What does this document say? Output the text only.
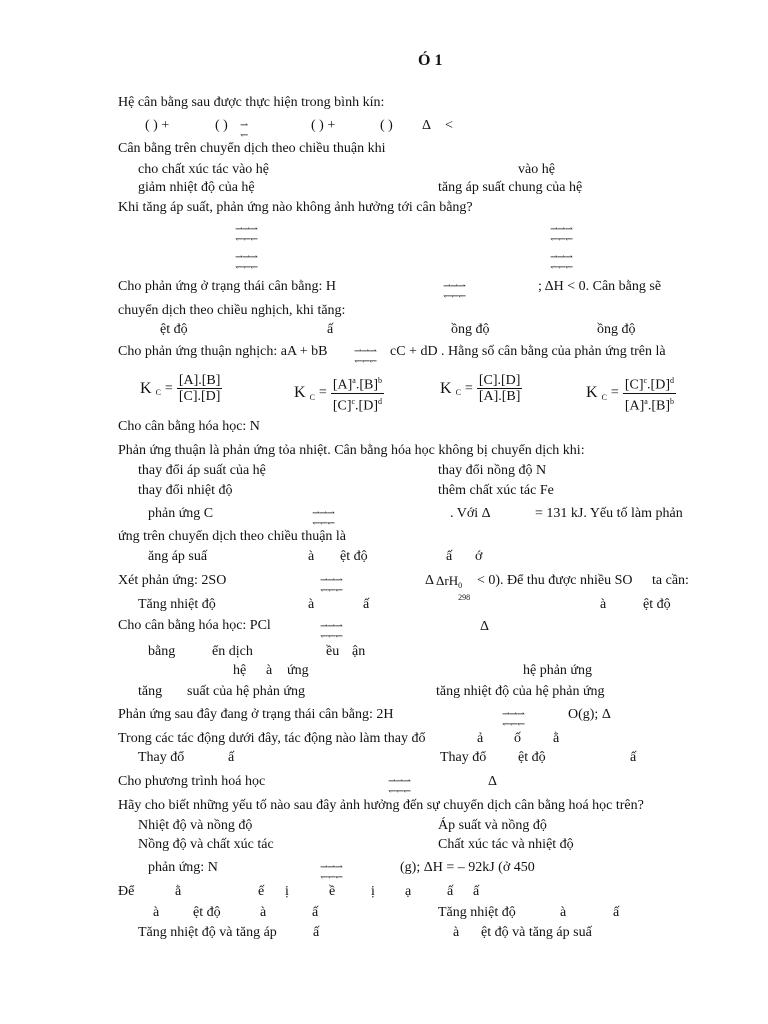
Ó 1
Hệ cân bằng sau được thực hiện trong bình kín:
( ) +	( ) ⇀
↽
( ) +	( ) Δ <
Cân bằng trên chuyển dịch theo chiều thuận khi
cho chất xúc tác vào hệ	vào hệ
giảm nhiệt độ của hệ	tăng áp suất chung của hệ
Khi tăng áp suất, phản ứng nào không ảnh hưởng tới cân bằng?
⇀⇀⇀
↽↽↽
⇀⇀⇀
↽↽↽
⇀⇀⇀
↽↽↽
⇀⇀⇀
↽↽↽
Cho phản ứng ở trạng thái cân bằng: H	⇀⇀⇀
↽↽↽
; ΔH < 0. Cân bằng sẽ
chuyển dịch theo chiều nghịch, khi tăng:
ệt độ	ấ	ồng độ	ồng độ
Cho phản ứng thuận nghịch: aA + bB	⇀⇀⇀
↽↽↽
cC + dD . Hằng số cân bằng của phản ứng trên là
K $C = \frac{[A].[B]}{[C].[D]}$	K $C = \frac{[A]^a.[B]^b}{[C]^c.[D]^d}$	K $C = \frac{[C].[D]}{[A].[B]}$	K $C = \frac{[C]^c.[D]^d}{[A]^a.[B]^b}$
Cho cân bằng hóa học: N
Phản ứng thuận là phản ứng tỏa nhiệt. Cân bằng hóa học không bị chuyển dịch khi:
thay đổi áp suất của hệ	thay đổi nồng độ N
thay đổi nhiệt độ	thêm chất xúc tác Fe
phản ứng C	⇀⇀⇀
↽↽↽
. Với Δ	= 131 kJ. Yếu tố làm phản
ứng trên chuyển dịch theo chiều thuận là
ăng áp suấ	à ệt độ	ấ ớ
Xét phản ứng: 2SO	⇀⇀⇀
↽↽↽
Δ ΔrH 0
298
< 0). Để thu được nhiều SO ta cần:
Tăng nhiệt độ	à	ấ	à	ệt độ
Cho cân bằng hóa học: PCl	⇀⇀⇀
↽↽↽
Δ
bằng	ển dịch	ều ận
hệ à ứng	hệ phản ứng
tăng suất của hệ phản ứng	tăng nhiệt độ của hệ phản ứng
Phản ứng sau đây đang ở trạng thái cân bằng: 2H	⇀⇀⇀
↽↽↽
O(g); Δ
Trong các tác động dưới đây, tác động nào làm thay đổ	ả ố ằ
Thay đổ	ấ	Thay đổ ệt độ	ấ
Cho phương trình hoá học	⇀⇀⇀
↽↽↽
Δ
Hãy cho biết những yếu tố nào sau đây ảnh hưởng đến sự chuyển dịch cân bằng hoá học trên?
Nhiệt độ và nồng độ	Áp suất và nồng độ
Nồng độ và chất xúc tác	Chất xúc tác và nhiệt độ
phản ứng: N	⇀⇀⇀
↽↽↽
(g); ΔH = – 92kJ (ở 450
Để	ằ	ế ị	ề	ị ạ	ấ ấ
à ệt độ	à	ấ	Tăng nhiệt độ	à	ấ
Tăng nhiệt độ và tăng áp	ấ	à ệt độ và tăng áp suấ
